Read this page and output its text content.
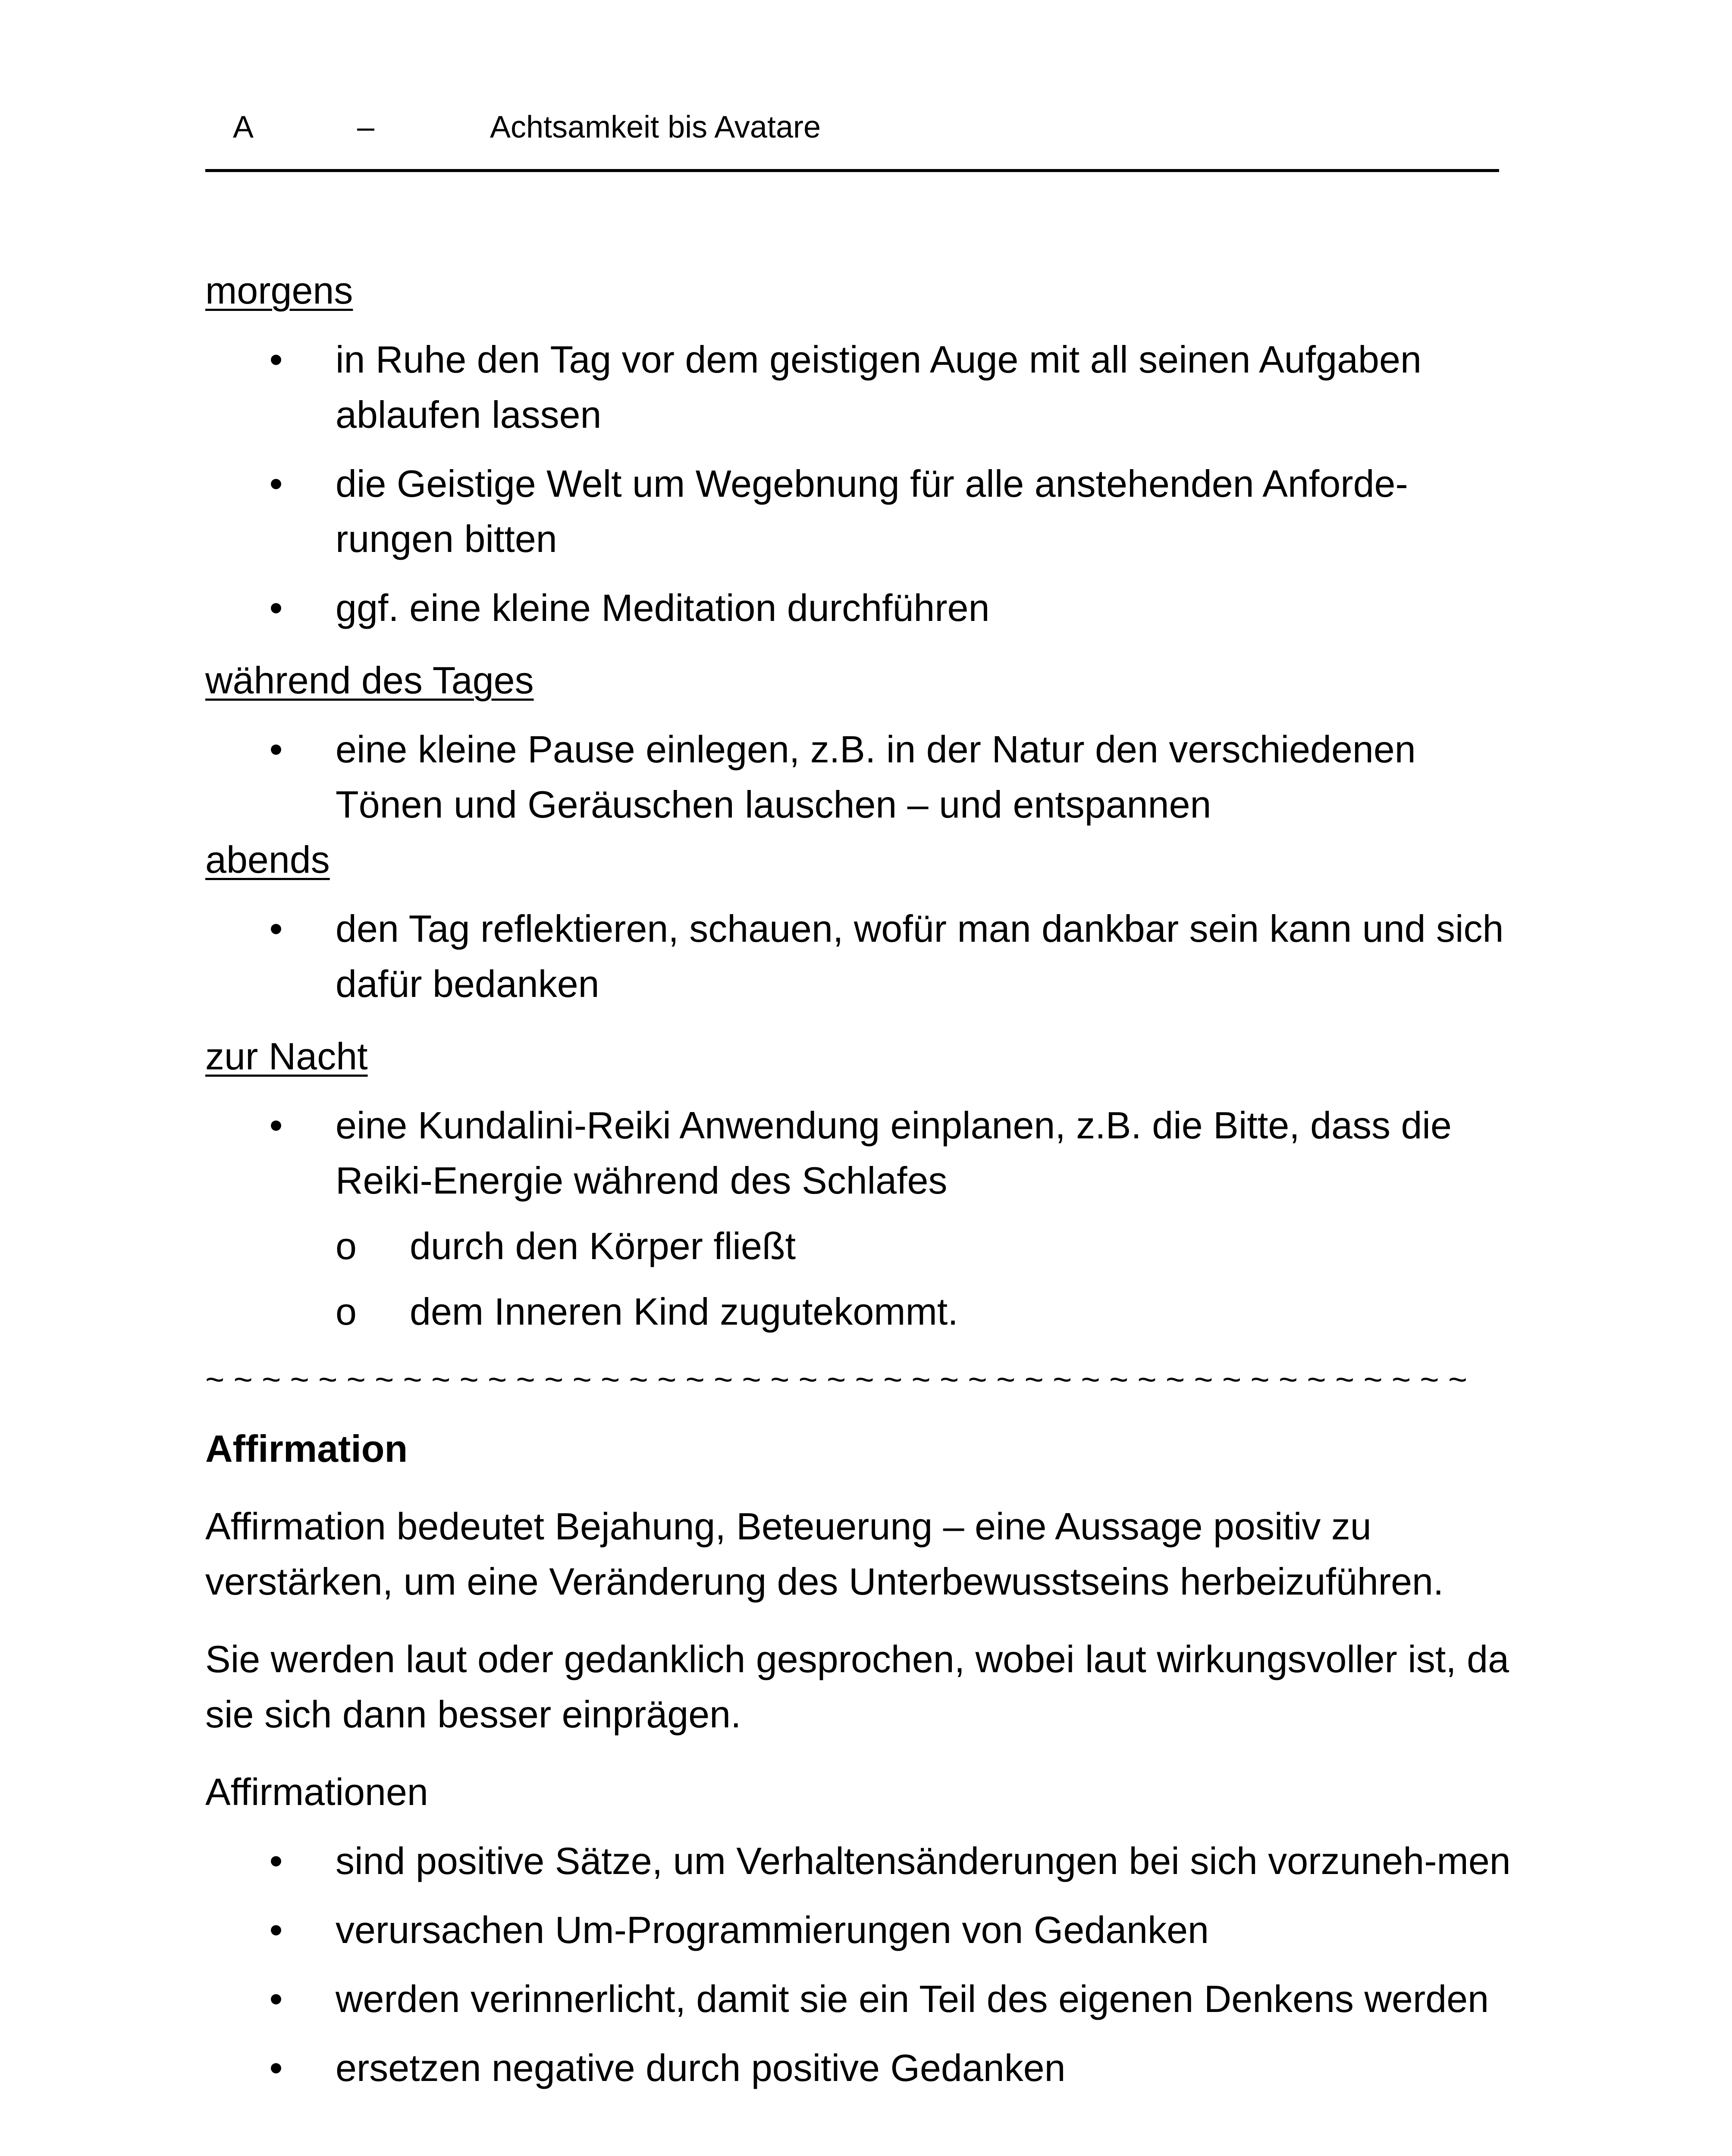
A	–	Achtsamkeit bis Avatare
morgens
• in Ruhe den Tag vor dem geistigen Auge mit all seinen Aufgaben ablaufen lassen
• die Geistige Welt um Wegebnung für alle anstehenden Anforde-rungen bitten
• ggf. eine kleine Meditation durchführen
während des Tages
• eine kleine Pause einlegen, z.B. in der Natur den verschiedenen Tönen und Geräuschen lauschen – und entspannen
abends
• den Tag reflektieren, schauen, wofür man dankbar sein kann und sich dafür bedanken
zur Nacht
• eine Kundalini-Reiki Anwendung einplanen, z.B. die Bitte, dass die Reiki-Energie während des Schlafes
o durch den Körper fließt
o dem Inneren Kind zugutekommt.
~ ~ ~ ~ ~ ~ ~ ~ ~ ~ ~ ~ ~ ~ ~ ~ ~ ~ ~ ~ ~ ~ ~ ~ ~ ~ ~ ~ ~ ~ ~ ~ ~ ~ ~ ~ ~ ~ ~ ~ ~ ~ ~ ~ ~
Affirmation
Affirmation bedeutet Bejahung, Beteuerung – eine Aussage positiv zu verstärken, um eine Veränderung des Unterbewusstseins herbeizuführen.
Sie werden laut oder gedanklich gesprochen, wobei laut wirkungsvoller ist, da sie sich dann besser einprägen.
Affirmationen
• sind positive Sätze, um Verhaltensänderungen bei sich vorzuneh-men
• verursachen Um-Programmierungen von Gedanken
• werden verinnerlicht, damit sie ein Teil des eigenen Denkens werden
• ersetzen negative durch positive Gedanken
